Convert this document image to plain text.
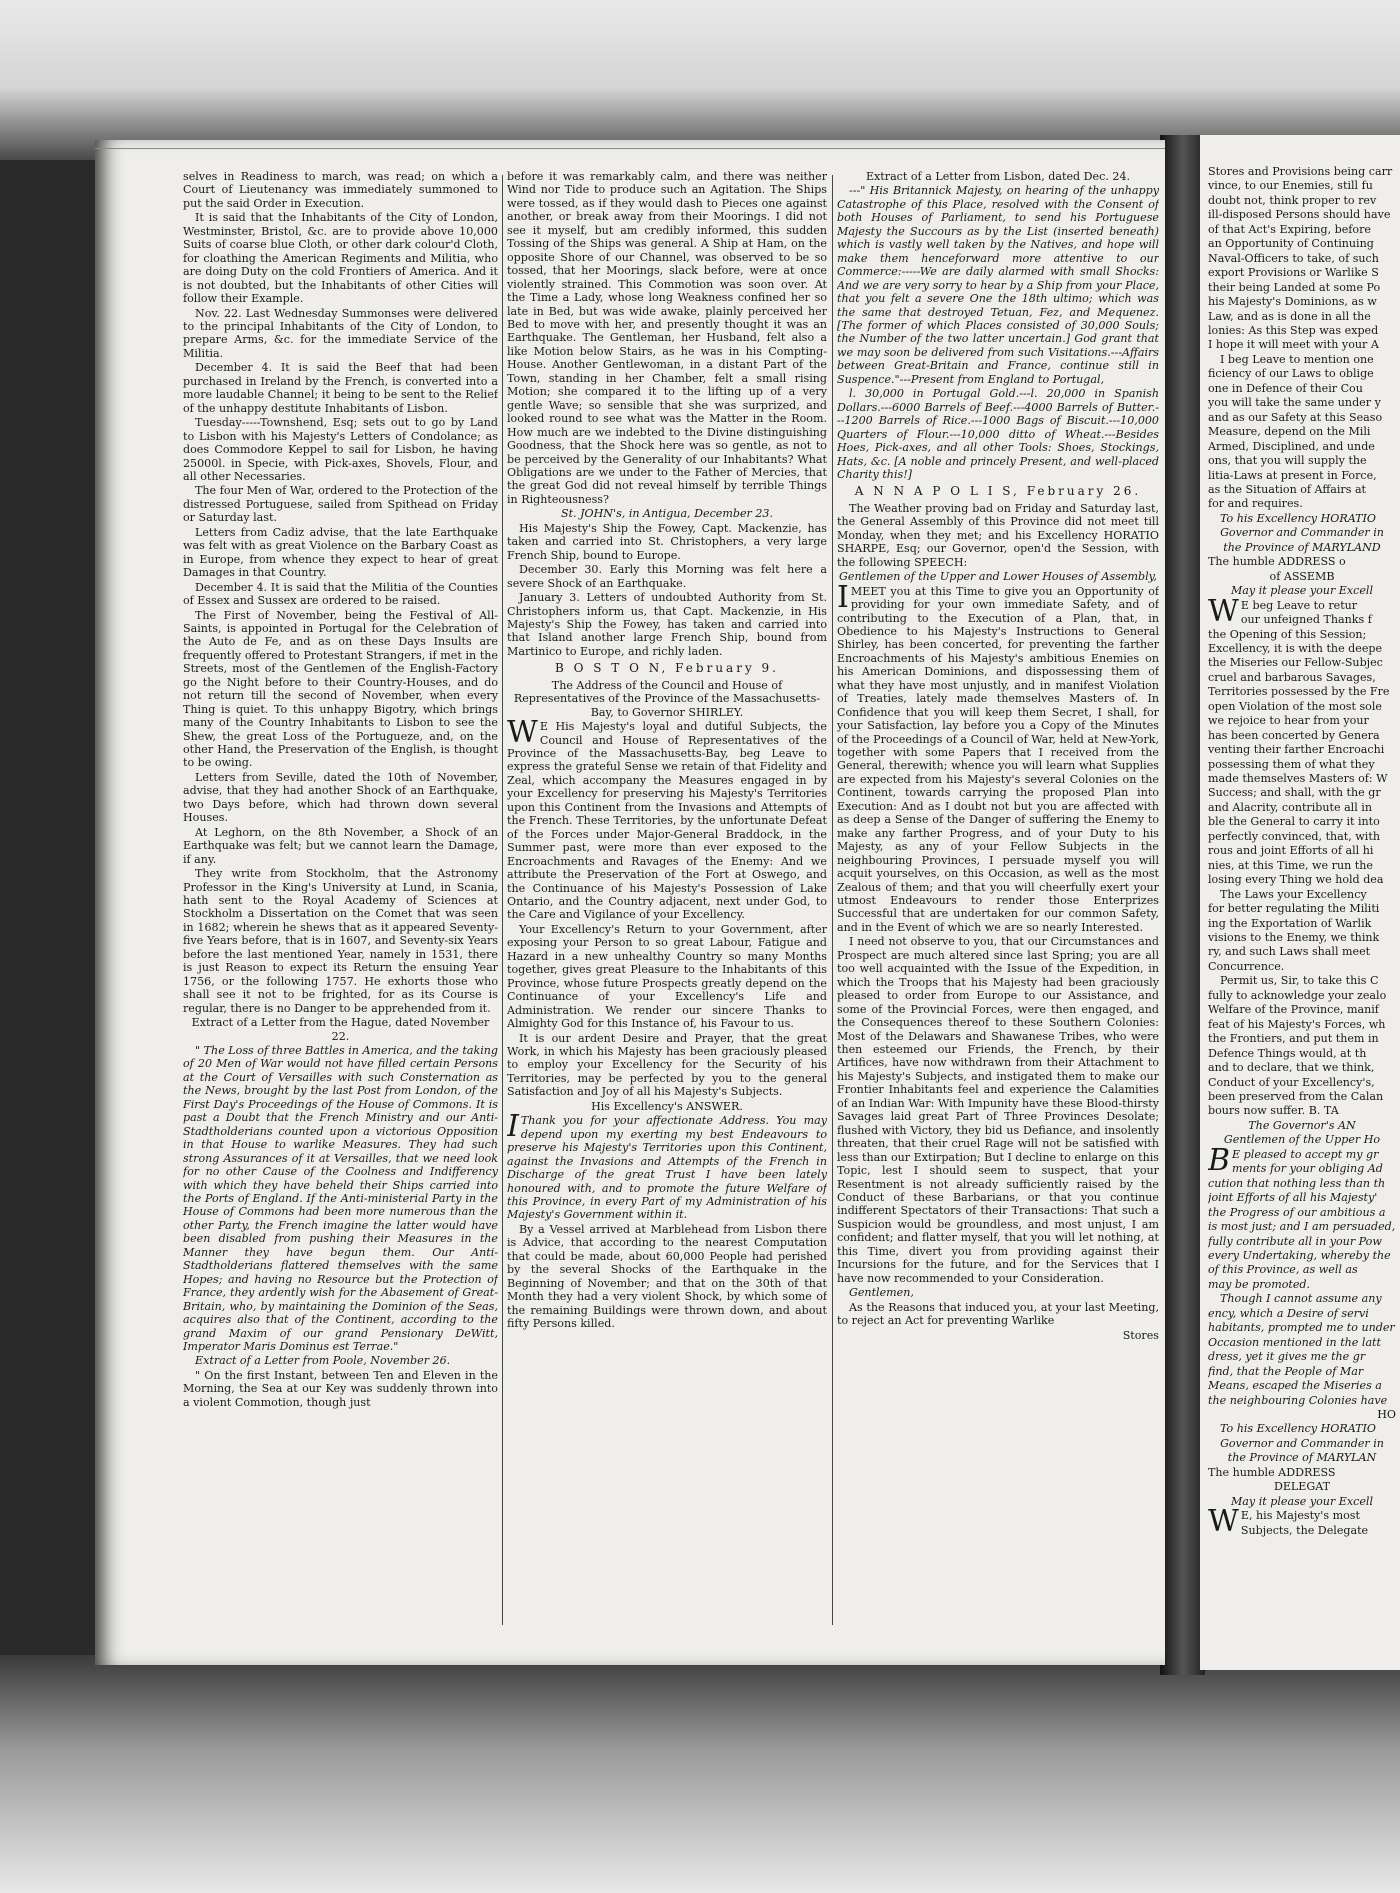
selves in Readiness to march, was read; on which a Court of Lieutenancy was immediately summoned to put the said Order in Execution.

It is said that the Inhabitants of the City of London, Westminster, Bristol, &c. are to provide above 10,000 Suits of coarse blue Cloth, or other dark colour'd Cloth, for cloathing the American Regiments and Militia, who are doing Duty on the cold Frontiers of America. And it is not doubted, but the Inhabitants of other Cities will follow their Example.

Nov. 22. Last Wednesday Summonses were delivered to the principal Inhabitants of the City of London, to prepare Arms, &c. for the immediate Service of the Militia.

December 4. It is said the Beef that had been purchased in Ireland by the French, is converted into a more laudable Channel; it being to be sent to the Relief of the unhappy destitute Inhabitants of Lisbon.

Tuesday-----Townshend, Esq; sets out to go by Land to Lisbon with his Majesty's Letters of Condolance; as does Commodore Keppel to sail for Lisbon, he having 25000l. in Specie, with Pick-axes, Shovels, Flour, and all other Necessaries.

The four Men of War, ordered to the Protection of the distressed Portuguese, sailed from Spithead on Friday or Saturday last.

Letters from Cadiz advise, that the late Earthquake was felt with as great Violence on the Barbary Coast as in Europe, from whence they expect to hear of great Damages in that Country.

December 4. It is said that the Militia of the Counties of Essex and Sussex are ordered to be raised.

The First of November, being the Festival of All-Saints, is appointed in Portugal for the Celebration of the Auto de Fe, and as on these Days Insults are frequently offered to Protestant Strangers, if met in the Streets, most of the Gentlemen of the English-Factory go the Night before to their Country-Houses, and do not return till the second of November, when every Thing is quiet. To this unhappy Bigotry, which brings many of the Country Inhabitants to Lisbon to see the Shew, the great Loss of the Portugueze, and, on the other Hand, the Preservation of the English, is thought to be owing.

Letters from Seville, dated the 10th of November, advise, that they had another Shock of an Earthquake, two Days before, which had thrown down several Houses.

At Leghorn, on the 8th November, a Shock of an Earthquake was felt; but we cannot learn the Damage, if any.

They write from Stockholm, that the Astronomy Professor in the King's University at Lund, in Scania, hath sent to the Royal Academy of Sciences at Stockholm a Dissertation on the Comet that was seen in 1682; wherein he shews that as it appeared Seventy-five Years before, that is in 1607, and Seventy-six Years before the last mentioned Year, namely in 1531, there is just Reason to expect its Return the ensuing Year 1756, or the following 1757. He exhorts those who shall see it not to be frighted, for as its Course is regular, there is no Danger to be apprehended from it.

Extract of a Letter from the Hague, dated November 22.

" The Loss of three Battles in America, and the taking of 20 Men of War would not have filled certain Persons at the Court of Versailles with such Consternation as the News, brought by the last Post from London, of the First Day's Proceedings of the House of Commons. It is past a Doubt that the French Ministry and our Anti-Stadtholderians counted upon a victorious Opposition in that House to warlike Measures. They had such strong Assurances of it at Versailles, that we need look for no other Cause of the Coolness and Indifferency with which they have beheld their Ships carried into the Ports of England. If the Anti-ministerial Party in the House of Commons had been more numerous than the other Party, the French imagine the latter would have been disabled from pushing their Measures in the Manner they have begun them. Our Anti-Stadtholderians flattered themselves with the same Hopes; and having no Resource but the Protection of France, they ardently wish for the Abasement of Great-Britain, who, by maintaining the Dominion of the Seas, acquires also that of the Continent, according to the grand Maxim of our grand Pensionary DeWitt, Imperator Maris Dominus est Terrae."

Extract of a Letter from Poole, November 26.

" On the first Instant, between Ten and Eleven in the Morning, the Sea at our Key was suddenly thrown into a violent Commotion, though just

before it was remarkably calm, and there was neither Wind nor Tide to produce such an Agitation. The Ships were tossed, as if they would dash to Pieces one against another, or break away from their Moorings. I did not see it myself, but am credibly informed, this sudden Tossing of the Ships was general. A Ship at Ham, on the opposite Shore of our Channel, was observed to be so tossed, that her Moorings, slack before, were at once violently strained. This Commotion was soon over. At the Time a Lady, whose long Weakness confined her so late in Bed, but was wide awake, plainly perceived her Bed to move with her, and presently thought it was an Earthquake. The Gentleman, her Husband, felt also a like Motion below Stairs, as he was in his Compting-House. Another Gentlewoman, in a distant Part of the Town, standing in her Chamber, felt a small rising Motion; she compared it to the lifting up of a very gentle Wave; so sensible that she was surprized, and looked round to see what was the Matter in the Room. How much are we indebted to the Divine distinguishing Goodness, that the Shock here was so gentle, as not to be perceived by the Generality of our Inhabitants? What Obligations are we under to the Father of Mercies, that the great God did not reveal himself by terrible Things in Righteousness?

St. JOHN's, in Antigua, December 23.

His Majesty's Ship the Fowey, Capt. Mackenzie, has taken and carried into St. Christophers, a very large French Ship, bound to Europe.

December 30. Early this Morning was felt here a severe Shock of an Earthquake.

January 3. Letters of undoubted Authority from St. Christophers inform us, that Capt. Mackenzie, in His Majesty's Ship the Fowey, has taken and carried into that Island another large French Ship, bound from Martinico to Europe, and richly laden.

B O S T O N, February 9.

The Address of the Council and House of Representatives of the Province of the Massachusetts-Bay, to Governor SHIRLEY.

W E His Majesty's loyal and dutiful Subjects, the Council and House of Representatives of the Province of the Massachusetts-Bay, beg Leave to express the grateful Sense we retain of that Fidelity and Zeal, which accompany the Measures engaged in by your Excellency for preserving his Majesty's Territories upon this Continent from the Invasions and Attempts of the French. These Territories, by the unfortunate Defeat of the Forces under Major-General Braddock, in the Summer past, were more than ever exposed to the Encroachments and Ravages of the Enemy: And we attribute the Preservation of the Fort at Oswego, and the Continuance of his Majesty's Possession of Lake Ontario, and the Country adjacent, next under God, to the Care and Vigilance of your Excellency.

Your Excellency's Return to your Government, after exposing your Person to so great Labour, Fatigue and Hazard in a new unhealthy Country so many Months together, gives great Pleasure to the Inhabitants of this Province, whose future Prospects greatly depend on the Continuance of your Excellency's Life and Administration. We render our sincere Thanks to Almighty God for this Instance of, his Favour to us.

It is our ardent Desire and Prayer, that the great Work, in which his Majesty has been graciously pleased to employ your Excellency for the Security of his Territories, may be perfected by you to the general Satisfaction and Joy of all his Majesty's Subjects.

His Excellency's ANSWER.

I Thank you for your affectionate Address. You may depend upon my exerting my best Endeavours to preserve his Majesty's Territories upon this Continent, against the Invasions and Attempts of the French in Discharge of the great Trust I have been lately honoured with, and to promote the future Welfare of this Province, in every Part of my Administration of his Majesty's Government within it.

By a Vessel arrived at Marblehead from Lisbon there is Advice, that according to the nearest Computation that could be made, about 60,000 People had perished by the several Shocks of the Earthquake in the Beginning of November; and that on the 30th of that Month they had a very violent Shock, by which some of the remaining Buildings were thrown down, and about fifty Persons killed.

Extract of a Letter from Lisbon, dated Dec. 24.

---" His Britannick Majesty, on hearing of the unhappy Catastrophe of this Place, resolved with the Consent of both Houses of Parliament, to send his Portuguese Majesty the Succours as by the List (inserted beneath) which is vastly well taken by the Natives, and hope will make them henceforward more attentive to our Commerce:-----We are daily alarmed with small Shocks: And we are very sorry to hear by a Ship from your Place, that you felt a severe One the 18th ultimo; which was the same that destroyed Tetuan, Fez, and Mequenez. [The former of which Places consisted of 30,000 Souls; the Number of the two latter uncertain.] God grant that we may soon be delivered from such Visitations.---Affairs between Great-Britain and France, continue still in Suspence."---Present from England to Portugal,

l. 30,000 in Portugal Gold.---l. 20,000 in Spanish Dollars.---6000 Barrels of Beef.---4000 Barrels of Butter.---1200 Barrels of Rice.---1000 Bags of Biscuit.---10,000 Quarters of Flour.---10,000 ditto of Wheat.---Besides Hoes, Pick-axes, and all other Tools: Shoes, Stockings, Hats, &c. [A noble and princely Present, and well-placed Charity this!]

A N N A P O L I S, February 26.

The Weather proving bad on Friday and Saturday last, the General Assembly of this Province did not meet till Monday, when they met; and his Excellency HORATIO SHARPE, Esq; our Governor, open'd the Session, with the following SPEECH:

Gentlemen of the Upper and Lower Houses of Assembly,

I MEET you at this Time to give you an Opportunity of providing for your own immediate Safety, and of contributing to the Execution of a Plan, that, in Obedience to his Majesty's Instructions to General Shirley, has been concerted, for preventing the farther Encroachments of his Majesty's ambitious Enemies on his American Dominions, and dispossessing them of what they have most unjustly, and in manifest Violation of Treaties, lately made themselves Masters of. In Confidence that you will keep them Secret, I shall, for your Satisfaction, lay before you a Copy of the Minutes of the Proceedings of a Council of War, held at New-York, together with some Papers that I received from the General, therewith; whence you will learn what Supplies are expected from his Majesty's several Colonies on the Continent, towards carrying the proposed Plan into Execution: And as I doubt not but you are affected with as deep a Sense of the Danger of suffering the Enemy to make any farther Progress, and of your Duty to his Majesty, as any of your Fellow Subjects in the neighbouring Provinces, I persuade myself you will acquit yourselves, on this Occasion, as well as the most Zealous of them; and that you will cheerfully exert your utmost Endeavours to render those Enterprizes Successful that are undertaken for our common Safety, and in the Event of which we are so nearly Interested.

I need not observe to you, that our Circumstances and Prospect are much altered since last Spring; you are all too well acquainted with the Issue of the Expedition, in which the Troops that his Majesty had been graciously pleased to order from Europe to our Assistance, and some of the Provincial Forces, were then engaged, and the Consequences thereof to these Southern Colonies: Most of the Delawars and Shawanese Tribes, who were then esteemed our Friends, the French, by their Artifices, have now withdrawn from their Attachment to his Majesty's Subjects, and instigated them to make our Frontier Inhabitants feel and experience the Calamities of an Indian War: With Impunity have these Blood-thirsty Savages laid great Part of Three Provinces Desolate; flushed with Victory, they bid us Defiance, and insolently threaten, that their cruel Rage will not be satisfied with less than our Extirpation; But I decline to enlarge on this Topic, lest I should seem to suspect, that your Resentment is not already sufficiently raised by the Conduct of these Barbarians, or that you continue indifferent Spectators of their Transactions: That such a Suspicion would be groundless, and most unjust, I am confident; and flatter myself, that you will let nothing, at this Time, divert you from providing against their Incursions for the future, and for the Services that I have now recommended to your Consideration.

Gentlemen,

As the Reasons that induced you, at your last Meeting, to reject an Act for preventing Warlike

Stores

Stores and Provisions being carr

vince, to our Enemies, still fu

doubt not, think proper to rev

ill-disposed Persons should have

of that Act's Expiring, before

an Opportunity of Continuing

Naval-Officers to take, of such

export Provisions or Warlike S

their being Landed at some Po

his Majesty's Dominions, as w

Law, and as is done in all the

lonies: As this Step was exped

I hope it will meet with your A

I beg Leave to mention one

ficiency of our Laws to oblige

one in Defence of their Cou

you will take the same under y

and as our Safety at this Seaso

Measure, depend on the Mili

Armed, Disciplined, and unde

ons, that you will supply the

litia-Laws at present in Force,

as the Situation of Affairs at

for and requires.

To his Excellency HORATIO

Governor and Commander in

the Province of MARYLAND

The humble ADDRESS o

of ASSEMB

May it please your Excell

W E beg Leave to retur

our unfeigned Thanks f

the Opening of this Session;

Excellency, it is with the deepe

the Miseries our Fellow-Subjec

cruel and barbarous Savages,

Territories possessed by the Fre

open Violation of the most sole

we rejoice to hear from your

has been concerted by Genera

venting their farther Encroachi

possessing them of what they

made themselves Masters of: W

Success; and shall, with the gr

and Alacrity, contribute all in

ble the General to carry it into

perfectly convinced, that, with

rous and joint Efforts of all hi

nies, at this Time, we run the

losing every Thing we hold dea

The Laws your Excellency

for better regulating the Militi

ing the Exportation of Warlik

visions to the Enemy, we think

ry, and such Laws shall meet

Concurrence.

Permit us, Sir, to take this C

fully to acknowledge your zealo

Welfare of the Province, manif

feat of his Majesty's Forces, wh

the Frontiers, and put them in

Defence Things would, at th

and to declare, that we think,

Conduct of your Excellency's,

been preserved from the Calan

bours now suffer. B. TA

The Governor's AN

Gentlemen of the Upper Ho

B E pleased to accept my gr

ments for your obliging Ad

cution that nothing less than th

joint Efforts of all his Majesty'

the Progress of our ambitious a

is most just; and I am persuaded,

fully contribute all in your Pow

every Undertaking, whereby the

of this Province, as well as

may be promoted.

Though I cannot assume any

ency, which a Desire of servi

habitants, prompted me to under

Occasion mentioned in the latt

dress, yet it gives me the gr

find, that the People of Mar

Means, escaped the Miseries a

the neighbouring Colonies have

HO

To his Excellency HORATIO

Governor and Commander in

the Province of MARYLAN

The humble ADDRESS

DELEGAT

May it please your Excell

W E, his Majesty's most

Subjects, the Delegate
